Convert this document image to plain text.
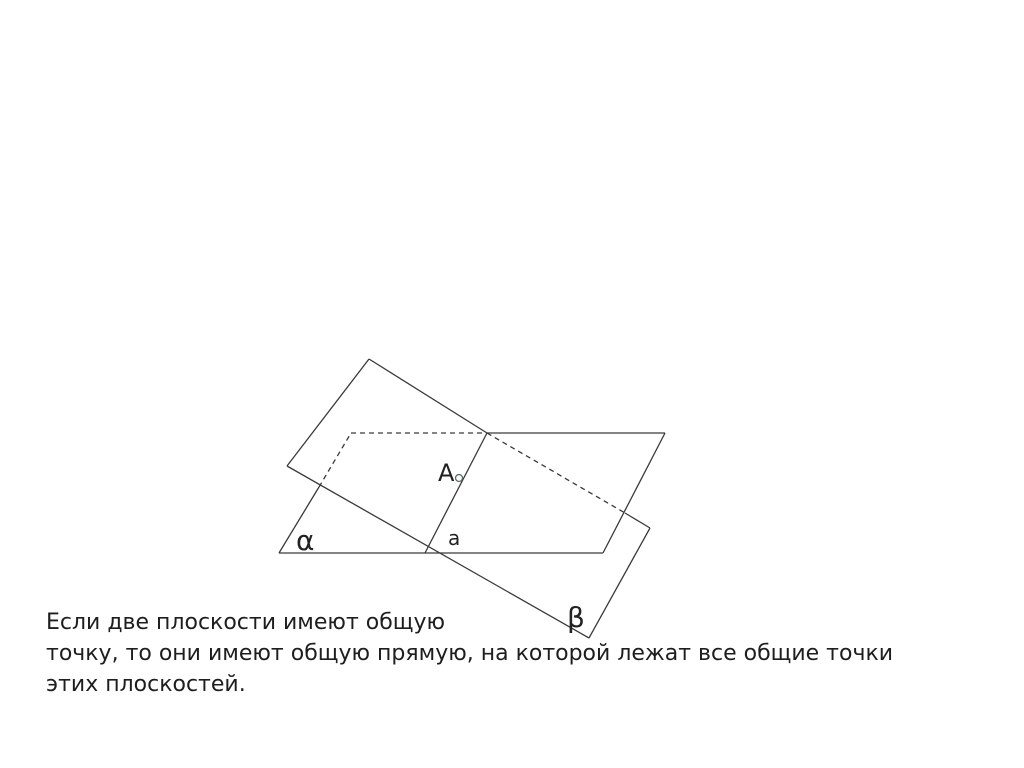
A
a
α
β

Если две плоскости имеют общую
точку, то они имеют общую прямую, на которой лежат все общие точки
этих плоскостей.
